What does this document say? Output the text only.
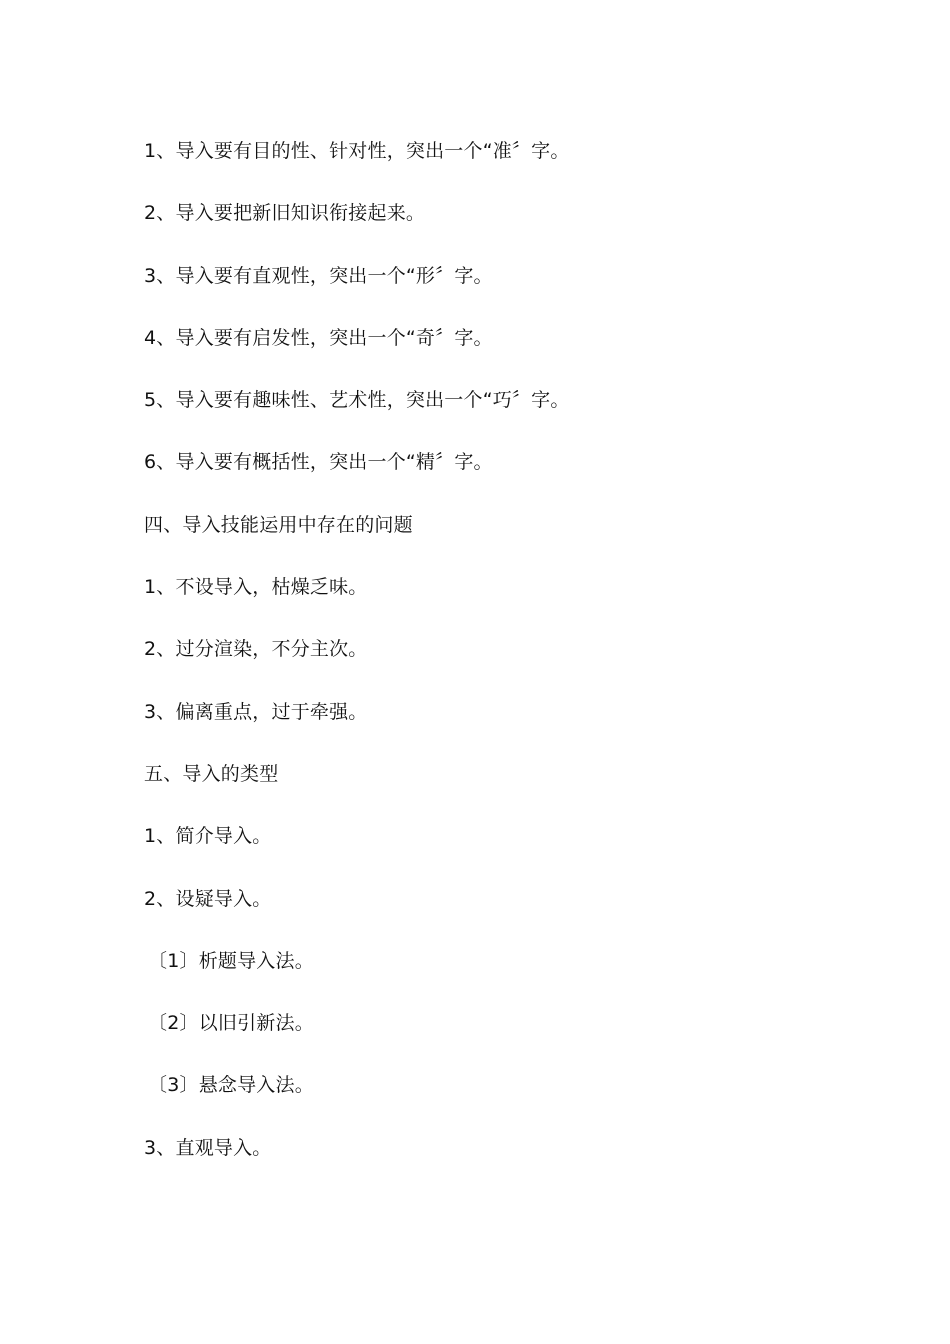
1、导入要有目的性、针对性，突出一个“准〞字。
2、导入要把新旧知识衔接起来。
3、导入要有直观性，突出一个“形〞字。
4、导入要有启发性，突出一个“奇〞字。
5、导入要有趣味性、艺术性，突出一个“巧〞字。
6、导入要有概括性，突出一个“精〞字。
四、导入技能运用中存在的问题
1、不设导入，枯燥乏味。
2、过分渲染，不分主次。
3、偏离重点，过于牵强。
五、导入的类型
1、简介导入。
2、设疑导入。
〔1〕析题导入法。
〔2〕以旧引新法。
〔3〕悬念导入法。
3、直观导入。
